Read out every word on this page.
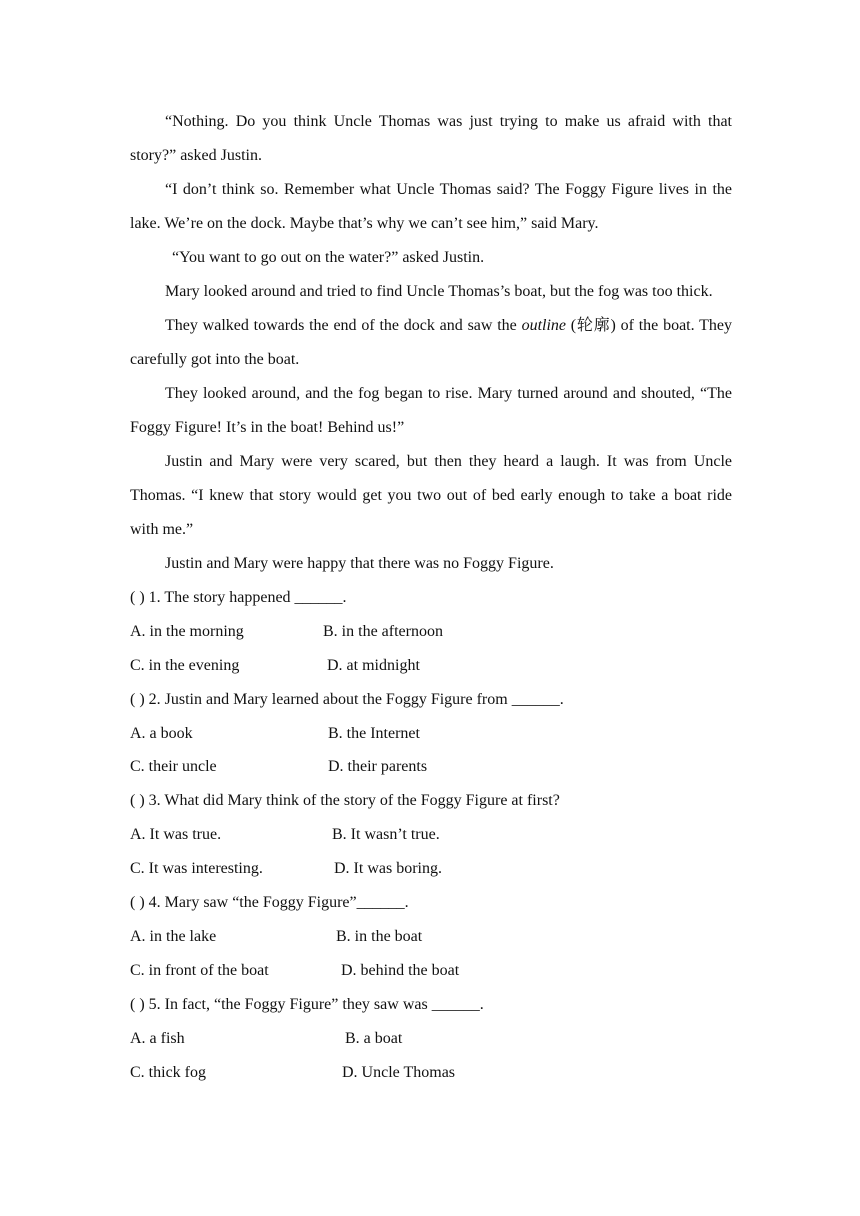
“Nothing. Do you think Uncle Thomas was just trying to make us afraid with that story?” asked Justin.

“I don’t think so. Remember what Uncle Thomas said? The Foggy Figure lives in the lake. We’re on the dock. Maybe that’s why we can’t see him,” said Mary.

“You want to go out on the water?” asked Justin.

Mary looked around and tried to find Uncle Thomas’s boat, but the fog was too thick.

They walked towards the end of the dock and saw the outline (轮廓) of the boat. They carefully got into the boat.

They looked around, and the fog began to rise. Mary turned around and shouted, “The Foggy Figure! It’s in the boat! Behind us!”

Justin and Mary were very scared, but then they heard a laugh. It was from Uncle Thomas. “I knew that story would get you two out of bed early enough to take a boat ride with me.”

Justin and Mary were happy that there was no Foggy Figure.

( ) 1. The story happened ______.

A. in the morning	B. in the afternoon
C. in the evening	D. at midnight

( ) 2. Justin and Mary learned about the Foggy Figure from ______.

A. a book	B. the Internet
C. their uncle	D. their parents

( ) 3. What did Mary think of the story of the Foggy Figure at first?

A. It was true.	B. It wasn’t true.
C. It was interesting.	D. It was boring.

( ) 4. Mary saw “the Foggy Figure”______.

A. in the lake	B. in the boat
C. in front of the boat	D. behind the boat

( ) 5. In fact, “the Foggy Figure” they saw was ______.

A. a fish	B. a boat
C. thick fog	D. Uncle Thomas
